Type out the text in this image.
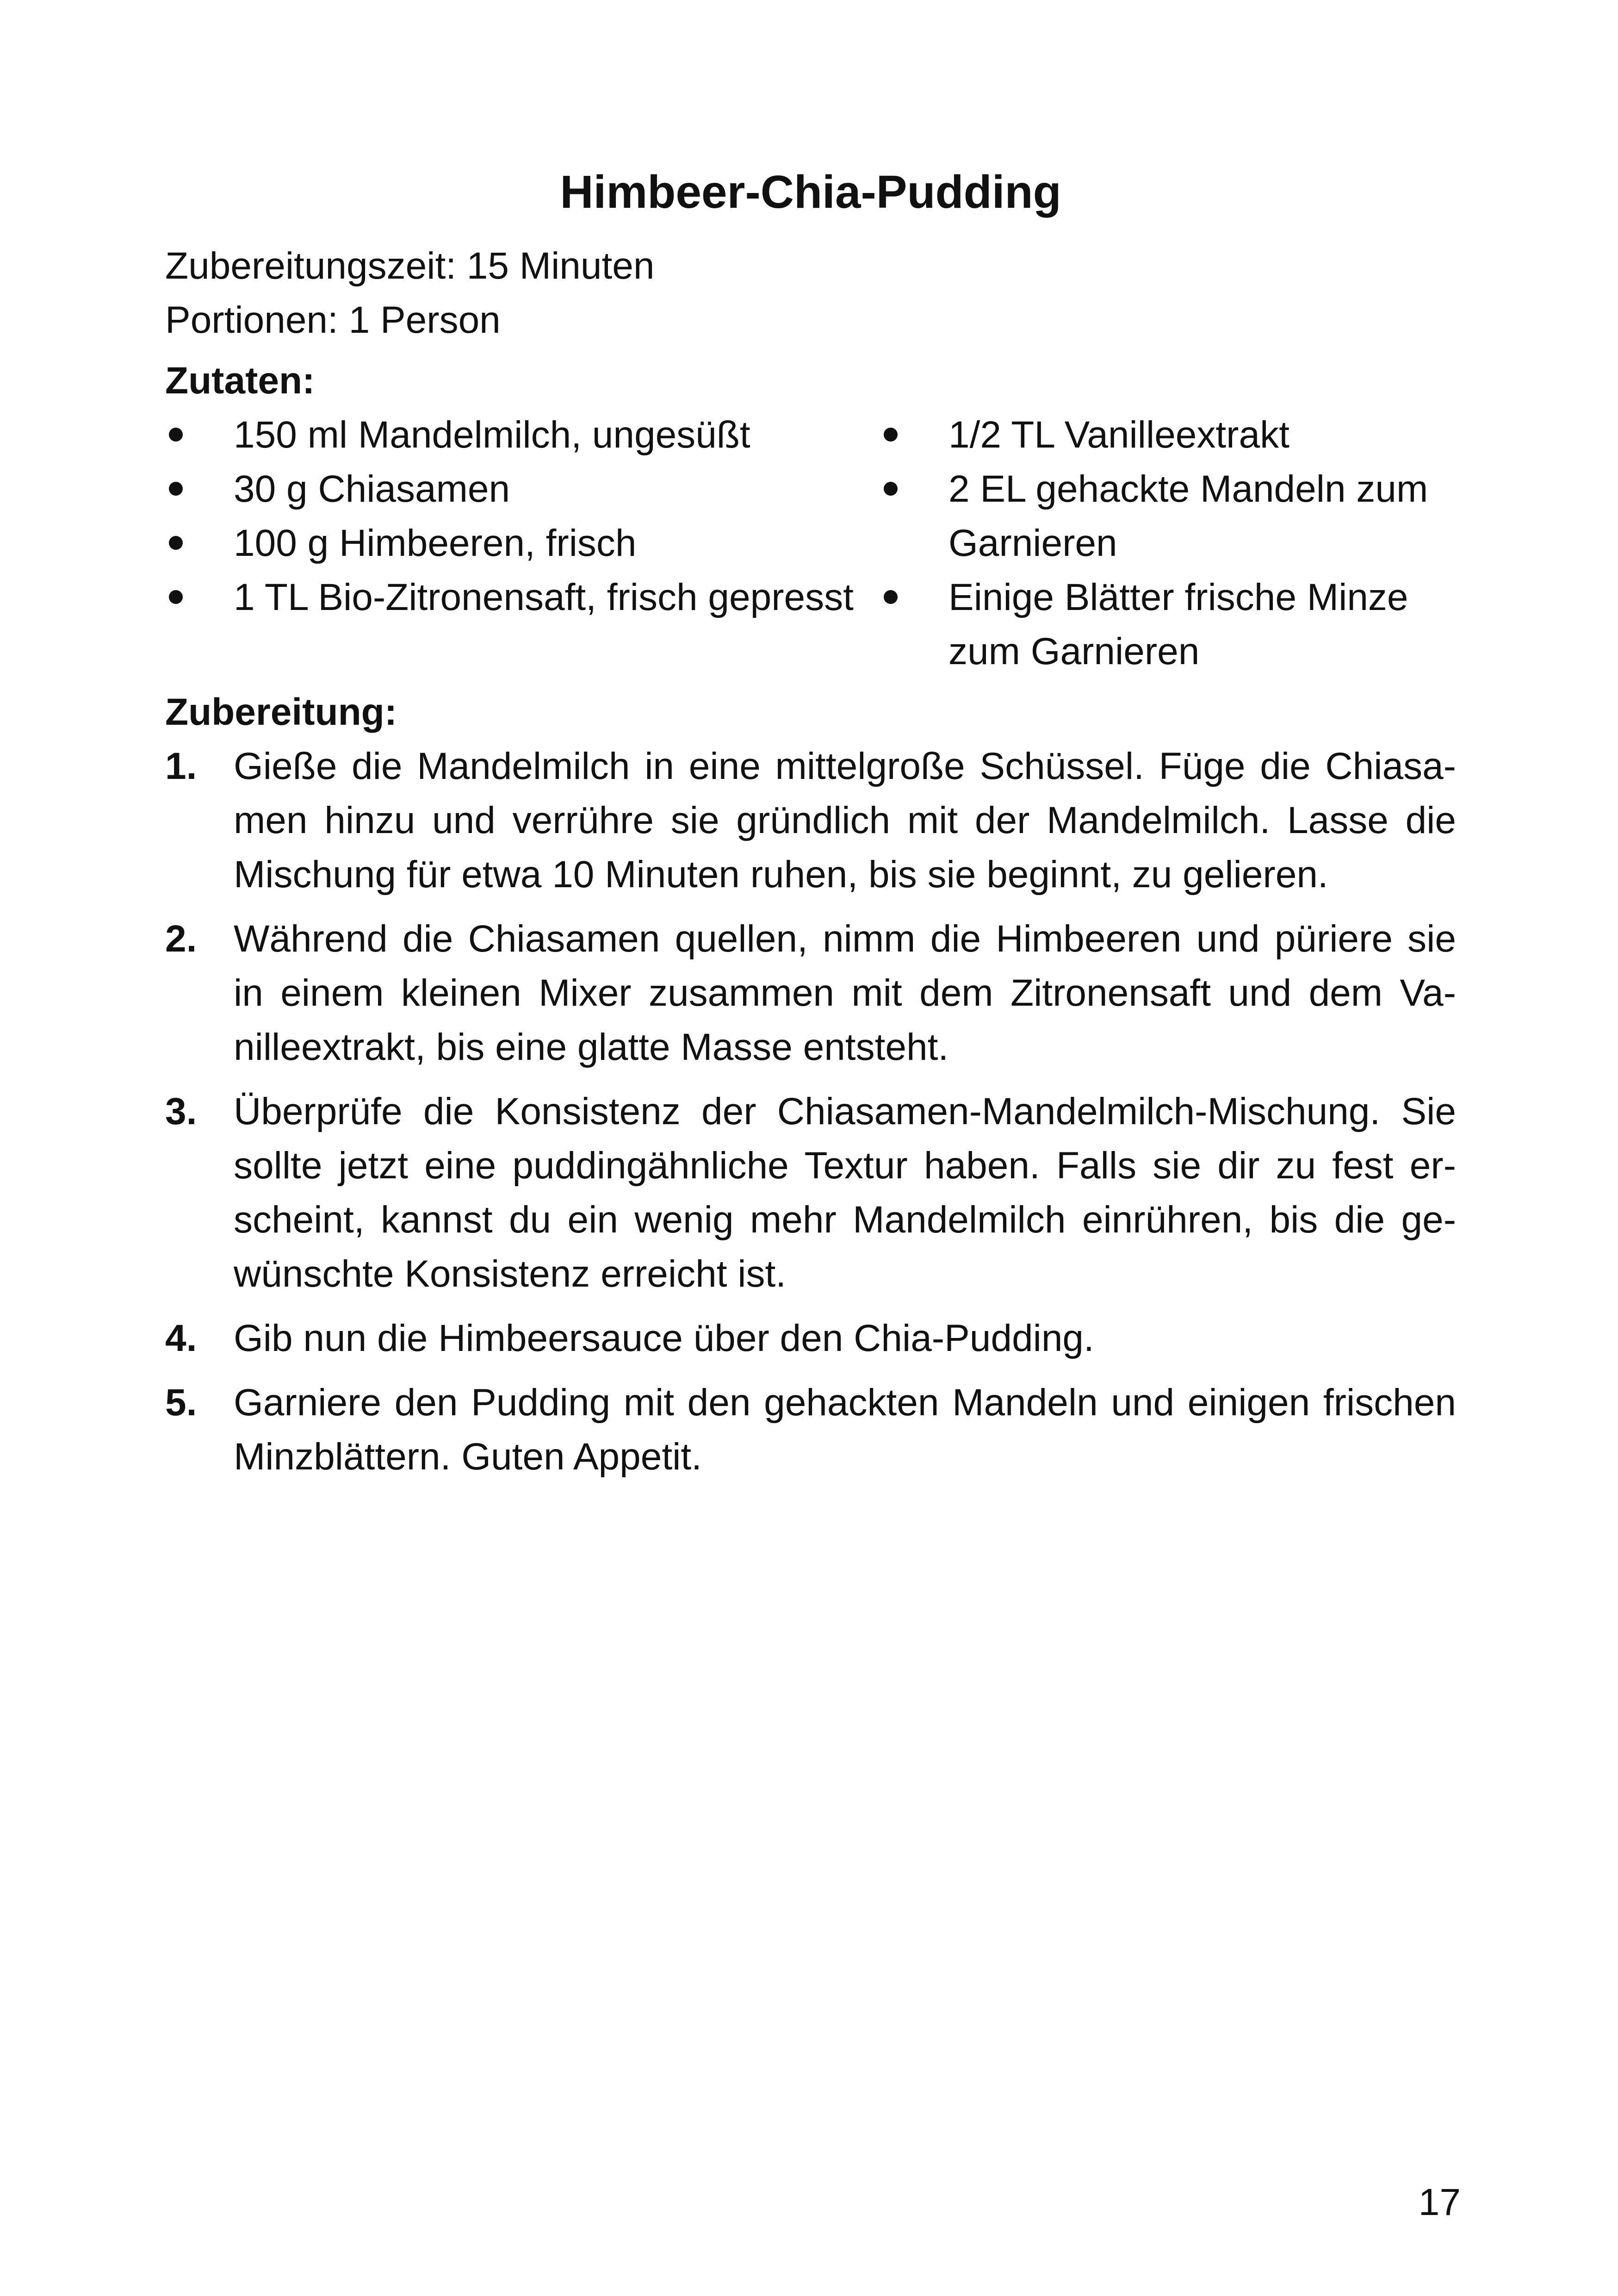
Himbeer-Chia-Pudding

Zubereitungszeit: 15 Minuten

Portionen: 1 Person

Zutaten:

150 ml Mandelmilch, ungesüßt
30 g Chiasamen
100 g Himbeeren, frisch
1 TL Bio-Zitronensaft, frisch gepresst
1/2 TL Vanilleextrakt
2 EL gehackte Mandeln zum Garnieren
Einige Blätter frische Minze zum Garnieren

Zubereitung:

1. Gieße die Mandelmilch in eine mittelgroße Schüssel. Füge die Chiasamen hinzu und verrühre sie gründlich mit der Mandelmilch. Lasse die Mischung für etwa 10 Minuten ruhen, bis sie beginnt, zu gelieren.
2. Während die Chiasamen quellen, nimm die Himbeeren und püriere sie in einem kleinen Mixer zusammen mit dem Zitronensaft und dem Vanilleextrakt, bis eine glatte Masse entsteht.
3. Überprüfe die Konsistenz der Chiasamen-Mandelmilch-Mischung. Sie sollte jetzt eine puddingähnliche Textur haben. Falls sie dir zu fest erscheint, kannst du ein wenig mehr Mandelmilch einrühren, bis die gewünschte Konsistenz erreicht ist.
4. Gib nun die Himbeersauce über den Chia-Pudding.
5. Garniere den Pudding mit den gehackten Mandeln und einigen frischen Minzblättern. Guten Appetit.
17
